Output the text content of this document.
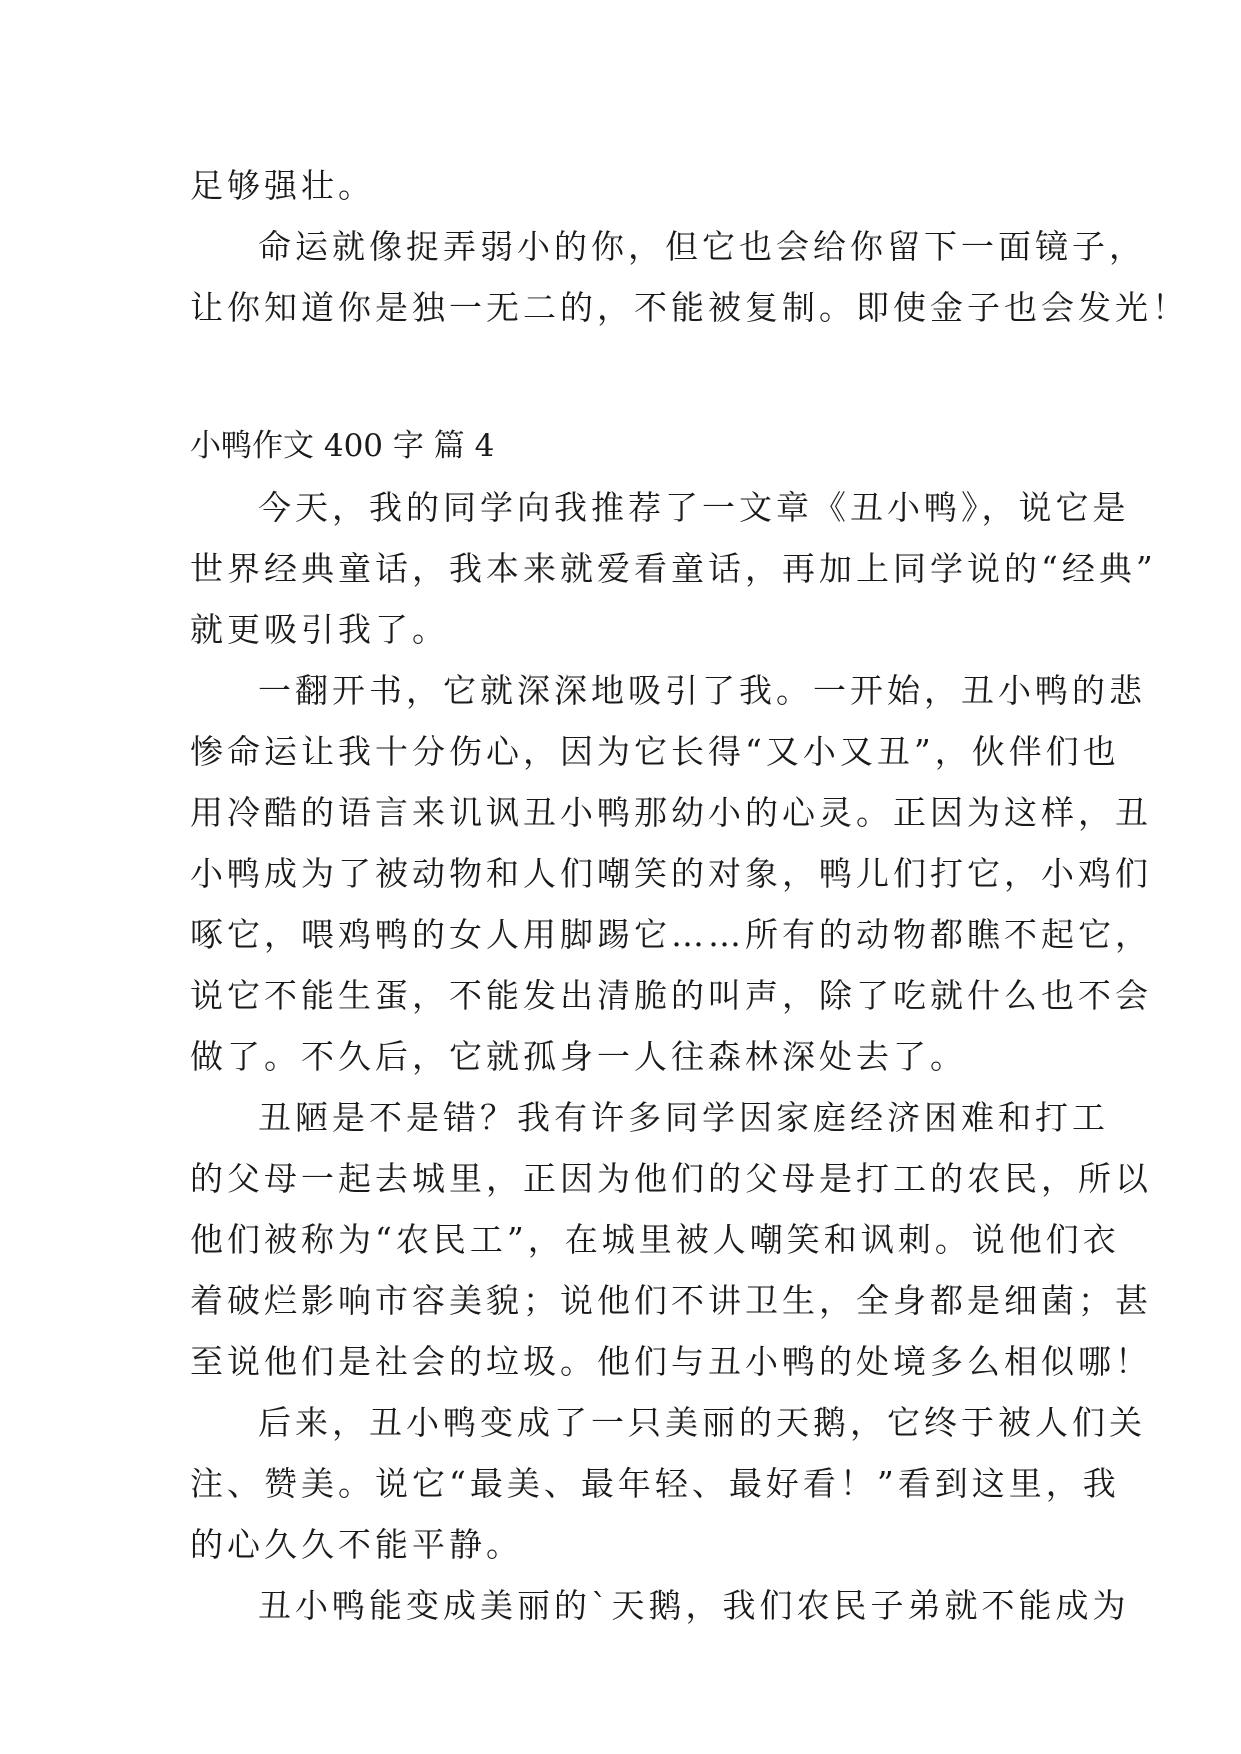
足够强壮。
命运就像捉弄弱小的你，但它也会给你留下一面镜子，
让你知道你是独一无二的，不能被复制。即使金子也会发光！
小鸭作文 400 字 篇 4
今天，我的同学向我推荐了一文章《丑小鸭》，说它是
世界经典童话，我本来就爱看童话，再加上同学说的“经典”
就更吸引我了。
一翻开书，它就深深地吸引了我。一开始，丑小鸭的悲
惨命运让我十分伤心，因为它长得“又小又丑”，伙伴们也
用冷酷的语言来讥讽丑小鸭那幼小的心灵。正因为这样，丑
小鸭成为了被动物和人们嘲笑的对象，鸭儿们打它，小鸡们
啄它，喂鸡鸭的女人用脚踢它……所有的动物都瞧不起它，
说它不能生蛋，不能发出清脆的叫声，除了吃就什么也不会
做了。不久后，它就孤身一人往森林深处去了。
丑陋是不是错？我有许多同学因家庭经济困难和打工
的父母一起去城里，正因为他们的父母是打工的农民，所以
他们被称为“农民工”，在城里被人嘲笑和讽刺。说他们衣
着破烂影响市容美貌；说他们不讲卫生，全身都是细菌；甚
至说他们是社会的垃圾。他们与丑小鸭的处境多么相似哪！
后来，丑小鸭变成了一只美丽的天鹅，它终于被人们关
注、赞美。说它“最美、最年轻、最好看！”看到这里，我
的心久久不能平静。
丑小鸭能变成美丽的`天鹅，我们农民子弟就不能成为
